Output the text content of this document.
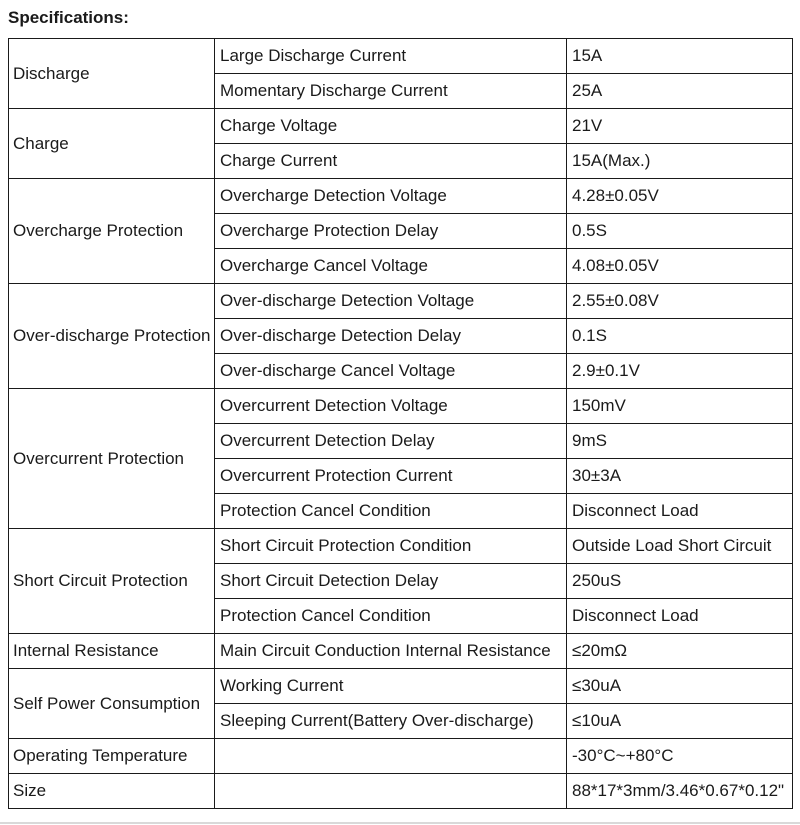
Specifications:
Discharge	Large Discharge Current	15A
	Momentary Discharge Current	25A
Charge	Charge Voltage	21V
	Charge Current	15A(Max.)
Overcharge Protection	Overcharge Detection Voltage	4.28±0.05V
	Overcharge Protection Delay	0.5S
	Overcharge Cancel Voltage	4.08±0.05V
Over-discharge Protection	Over-discharge Detection Voltage	2.55±0.08V
	Over-discharge Detection Delay	0.1S
	Over-discharge Cancel Voltage	2.9±0.1V
Overcurrent Protection	Overcurrent Detection Voltage	150mV
	Overcurrent Detection Delay	9mS
	Overcurrent Protection Current	30±3A
	Protection Cancel Condition	Disconnect Load
Short Circuit Protection	Short Circuit Protection Condition	Outside Load Short Circuit
	Short Circuit Detection Delay	250uS
	Protection Cancel Condition	Disconnect Load
Internal Resistance	Main Circuit Conduction Internal Resistance	≤20mΩ
Self Power Consumption	Working Current	≤30uA
	Sleeping Current(Battery Over-discharge)	≤10uA
Operating Temperature		-30°C~+80°C
Size		88*17*3mm/3.46*0.67*0.12"
